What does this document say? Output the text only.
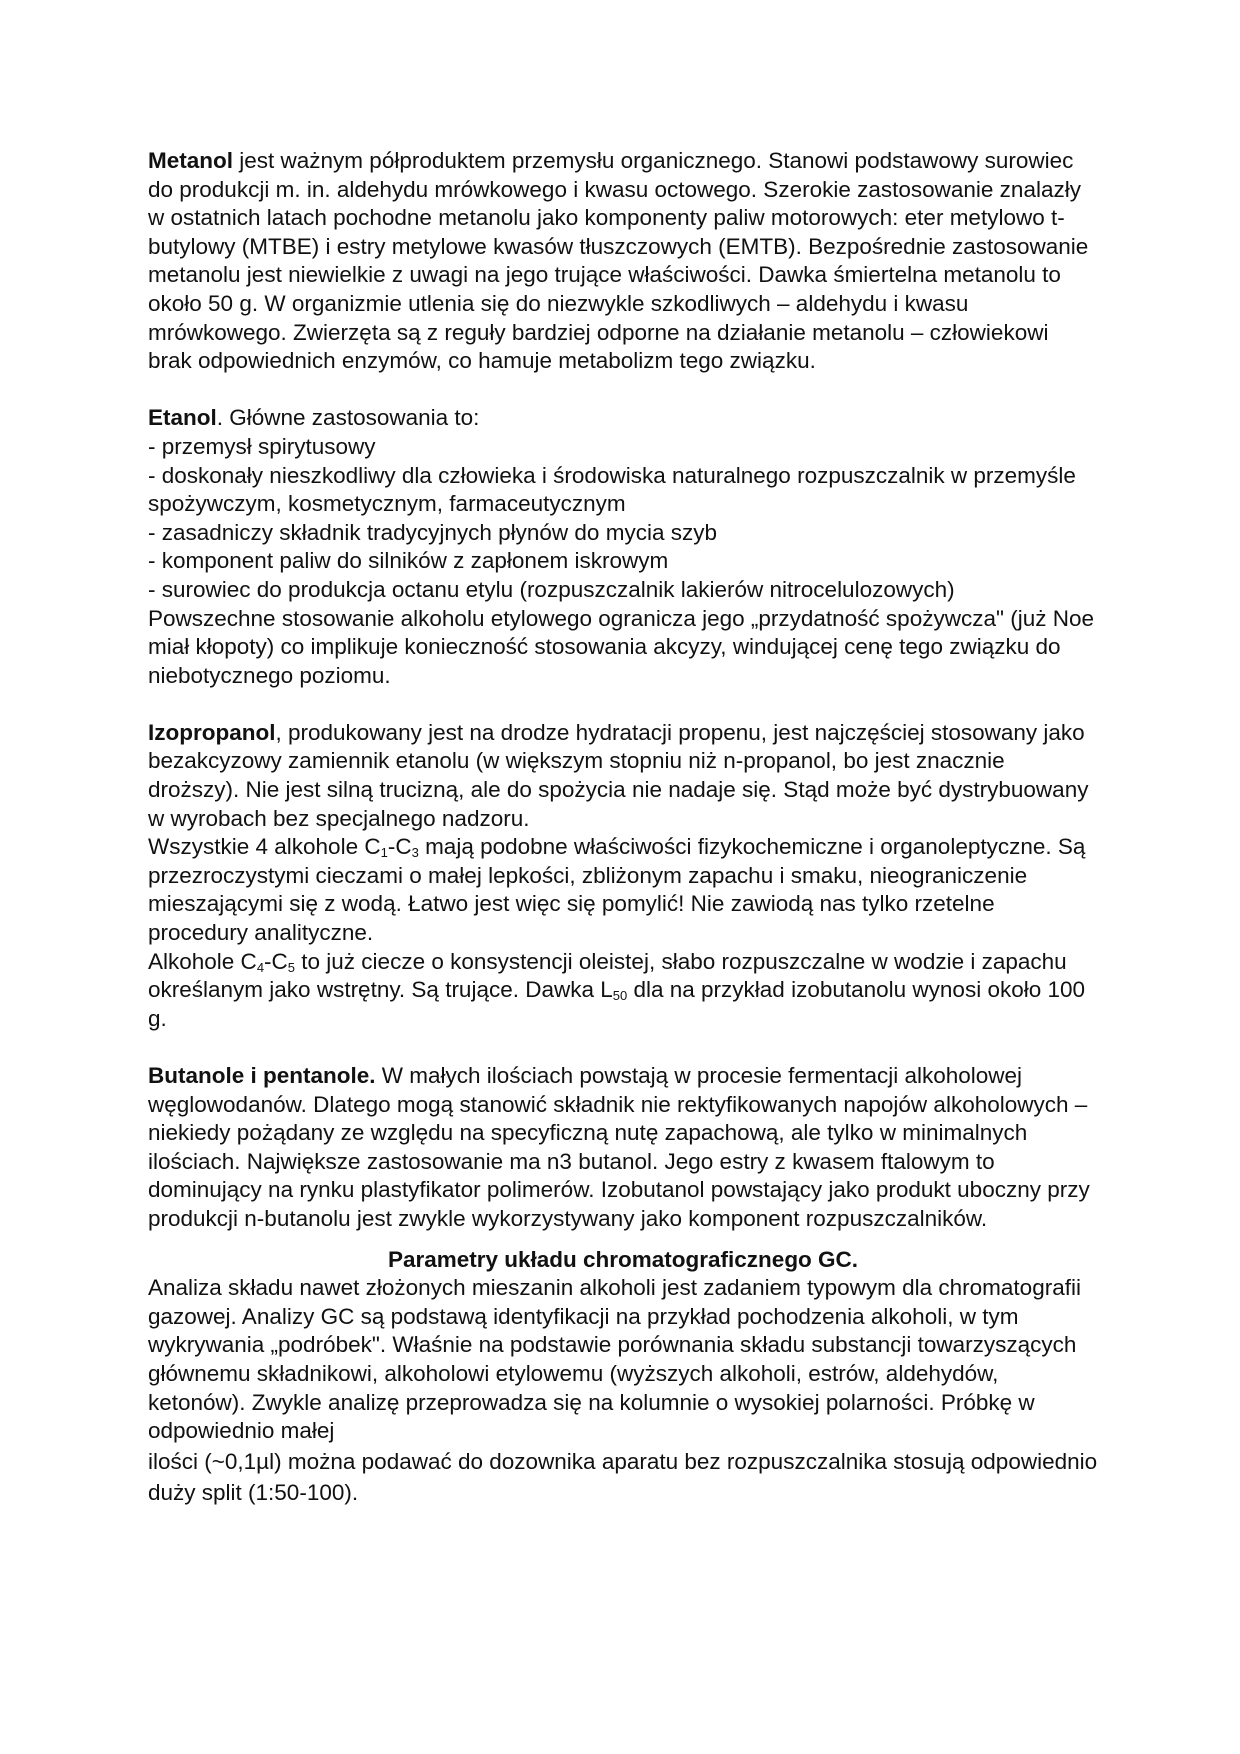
Metanol jest ważnym półproduktem przemysłu organicznego. Stanowi podstawowy surowiec do produkcji m. in. aldehydu mrówkowego i kwasu octowego. Szerokie zastosowanie znalazły w ostatnich latach pochodne metanolu jako komponenty paliw motorowych: eter metylowo t-butylowy (MTBE) i estry metylowe kwasów tłuszczowych (EMTB). Bezpośrednie zastosowanie metanolu jest niewielkie z uwagi na jego trujące właściwości. Dawka śmiertelna metanolu to około 50 g. W organizmie utlenia się do niezwykle szkodliwych – aldehydu i kwasu mrówkowego. Zwierzęta są z reguły bardziej odporne na działanie metanolu – człowiekowi brak odpowiednich enzymów, co hamuje metabolizm tego związku.

Etanol. Główne zastosowania to:

- przemysł spirytusowy

- doskonały nieszkodliwy dla człowieka i środowiska naturalnego rozpuszczalnik w przemyśle spożywczym, kosmetycznym, farmaceutycznym

- zasadniczy składnik tradycyjnych płynów do mycia szyb

- komponent paliw do silników z zapłonem iskrowym

- surowiec do produkcja octanu etylu (rozpuszczalnik lakierów nitrocelulozowych)

Powszechne stosowanie alkoholu etylowego ogranicza jego „przydatność spożywcza" (już Noe miał kłopoty) co implikuje konieczność stosowania akcyzy, windującej cenę tego związku do niebotycznego poziomu.

Izopropanol, produkowany jest na drodze hydratacji propenu, jest najczęściej stosowany jako bezakcyzowy zamiennik etanolu (w większym stopniu niż n-propanol, bo jest znacznie droższy). Nie jest silną trucizną, ale do spożycia nie nadaje się. Stąd może być dystrybuowany w wyrobach bez specjalnego nadzoru.

Wszystkie 4 alkohole $C_1-C_3$ mają podobne właściwości fizykochemiczne i organoleptyczne. Są przezroczystymi cieczami o małej lepkości, zbliżonym zapachu i smaku, nieograniczenie mieszającymi się z wodą. Łatwo jest więc się pomylić! Nie zawiodą nas tylko rzetelne procedury analityczne.

Alkohole $C_4-C_5$ to już ciecze o konsystencji oleistej, słabo rozpuszczalne w wodzie i zapachu określanym jako wstrętny. Są trujące. Dawka $L_{50}$ dla na przykład izobutanolu wynosi około 100 g.

Butanole i pentanole. W małych ilościach powstają w procesie fermentacji alkoholowej węglowodanów. Dlatego mogą stanowić składnik nie rektyfikowanych napojów alkoholowych – niekiedy pożądany ze względu na specyficzną nutę zapachową, ale tylko w minimalnych ilościach. Największe zastosowanie ma n3 butanol. Jego estry z kwasem ftalowym to dominujący na rynku plastyfikator polimerów. Izobutanol powstający jako produkt uboczny przy produkcji n-butanolu jest zwykle wykorzystywany jako komponent rozpuszczalników.

Parametry układu chromatograficznego GC.

Analiza składu nawet złożonych mieszanin alkoholi jest zadaniem typowym dla chromatografii gazowej. Analizy GC są podstawą identyfikacji na przykład pochodzenia alkoholi, w tym wykrywania „podróbek". Właśnie na podstawie porównania składu substancji towarzyszących głównemu składnikowi, alkoholowi etylowemu (wyższych alkoholi, estrów, aldehydów, ketonów). Zwykle analizę przeprowadza się na kolumnie o wysokiej polarności. Próbkę w odpowiednio małej

ilości (~0,1µl) można podawać do dozownika aparatu bez rozpuszczalnika stosują odpowiednio duży split (1:50-100).
